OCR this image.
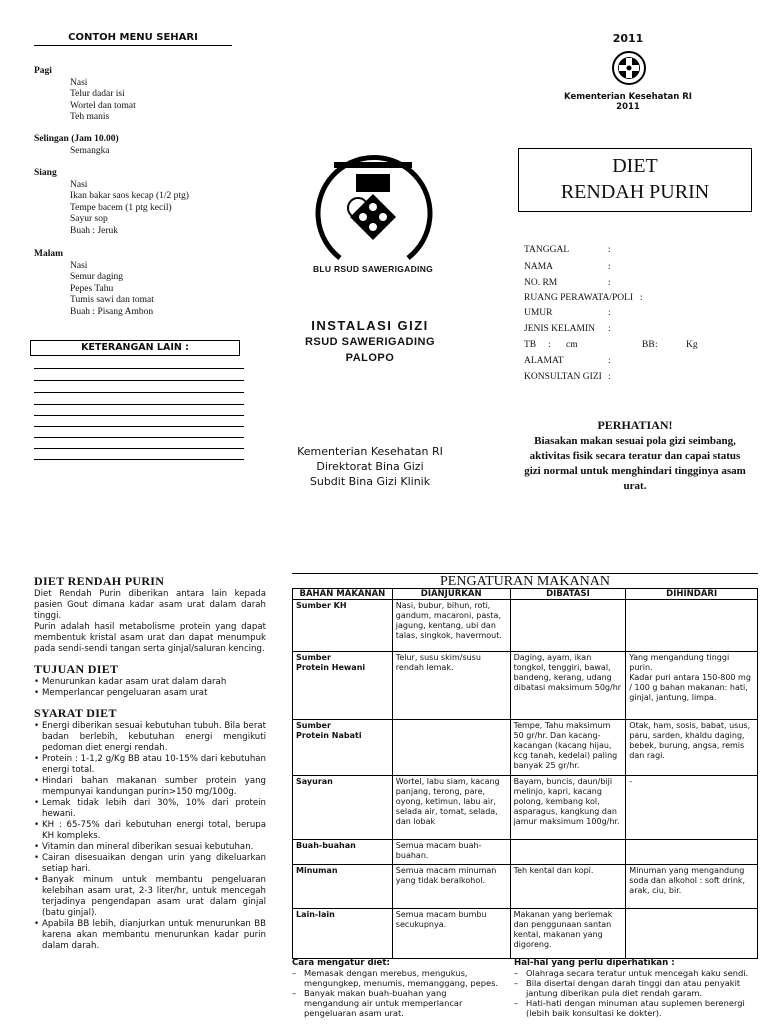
CONTOH MENU SEHARI
Pagi
Nasi
Telur dadar isi
Wortel dan tomat
Teh manis
Selingan (Jam 10.00)
Semangka
Siang
Nasi
Ikan bakar saos kecap (1/2 ptg)
Tempe bacem (1 ptg kecil)
Sayur sop
Buah : Jeruk
Malam
Nasi
Semur daging
Pepes Tahu
Tumis sawi dan tomat
Buah : Pisang Ambon
KETERANGAN LAIN :
BLU RSUD SAWERIGADING
INSTALASI GIZI
RSUD SAWERIGADING
PALOPO
Kementerian Kesehatan RI
Direktorat Bina Gizi
Subdit Bina Gizi Klinik
2011
Kementerian Kesehatan RI
2011
DIET
RENDAH PURIN
TANGGAL	:
NAMA	:
NO. RM	:
RUANG PERAWATA/POLI :
UMUR	:
JENIS KELAMIN :
TB : cm	BB :	Kg
ALAMAT	:
KONSULTAN GIZI :
PERHATIAN!
Biasakan makan sesuai pola gizi seimbang, aktivitas fisik secara teratur dan capai status gizi normal untuk menghindari tingginya asam urat.
DIET RENDAH PURIN
Diet Rendah Purin diberikan antara lain kepada pasien Gout dimana kadar asam urat dalam darah tinggi.
Purin adalah hasil metabolisme protein yang dapat membentuk kristal asam urat dan dapat menumpuk pada sendi-sendi tangan serta ginjal/saluran kencing.
TUJUAN DIET
• Menurunkan kadar asam urat dalam darah
• Memperlancar pengeluaran asam urat
SYARAT DIET
• Energi diberikan sesuai kebutuhan tubuh. Bila berat badan berlebih, kebutuhan energi mengikuti pedoman diet energi rendah.
• Protein : 1-1,2 g/Kg BB atau 10-15% dari kebutuhan energi total.
• Hindari bahan makanan sumber protein yang mempunyai kandungan purin>150 mg/100g.
• Lemak tidak lebih dari 30%, 10% dari protein hewani.
• KH : 65-75% dari kebutuhan energi total, berupa KH kompleks.
• Vitamin dan mineral diberikan sesuai kebutuhan.
• Cairan disesuaikan dengan urin yang dikeluarkan setiap hari.
• Banyak minum untuk membantu pengeluaran kelebihan asam urat, 2-3 liter/hr, untuk mencegah terjadinya pengendapan asam urat dalam ginjal (batu ginjal).
• Apabila BB lebih, dianjurkan untuk menurunkan BB karena akan membantu menurunkan kadar purin dalam darah.
PENGATURAN MAKANAN
BAHAN MAKANAN	DIANJURKAN	DIBATASI	DIHINDARI
Sumber KH	Nasi, bubur, bihun, roti, gandum, macaroni, pasta, jagung, kentang, ubi dan talas, singkok, havermout.		
Sumber
Protein Hewani	Telur, susu skim/susu rendah lemak.	Daging, ayam, ikan tongkol, tenggiri, bawal, bandeng, kerang, udang dibatasi maksimum 50g/hr	Yang mengandung tinggi purin.
Kadar puri antara 150-800 mg / 100 g bahan makanan: hati, ginjal, jantung, limpa.
Sumber
Protein Nabati		Tempe, Tahu maksimum 50 gr/hr. Dan kacang-kacangan (kacang hijau, kcg tanah, kedelai) paling banyak 25 gr/hr.	Otak, ham, sosis, babat, usus, paru, sarden, khaldu daging, bebek, burung, angsa, remis dan ragi.
Sayuran	Wortel, labu siam, kacang panjang, terong, pare, oyong, ketimun, labu air, selada air, tomat, selada, dan lobak	Bayam, buncis, daun/biji melinjo, kapri, kacang polong, kembang kol, asparagus, kangkung dan jamur maksimum 100g/hr.	-
Buah-buahan	Semua macam buah-buahan.		
Minuman	Semua macam minuman yang tidak beralkohol.	Teh kental dan kopi.	Minuman yang mengandung soda dan alkohol : soft drink, arak, ciu, bir.
Lain-lain	Semua macam bumbu secukupnya.	Makanan yang berlemak dan penggunaan santan kental, makanan yang digoreng.	
Cara mengatur diet:
– Memasak dengan merebus, mengukus, mengungkep, menumis, memanggang, pepes.
– Banyak makan buah-buahan yang mengandung air untuk memperlancar pengeluaran asam urat.
Hal-hal yang perlu diperhatikan :
– Olahraga secara teratur untuk mencegah kaku sendi.
– Bila disertai dengan darah tinggi dan atau penyakit jantung diberikan pula diet rendah garam.
– Hati-hati dengan minuman atau suplemen berenergi (lebih baik konsultasi ke dokter).
